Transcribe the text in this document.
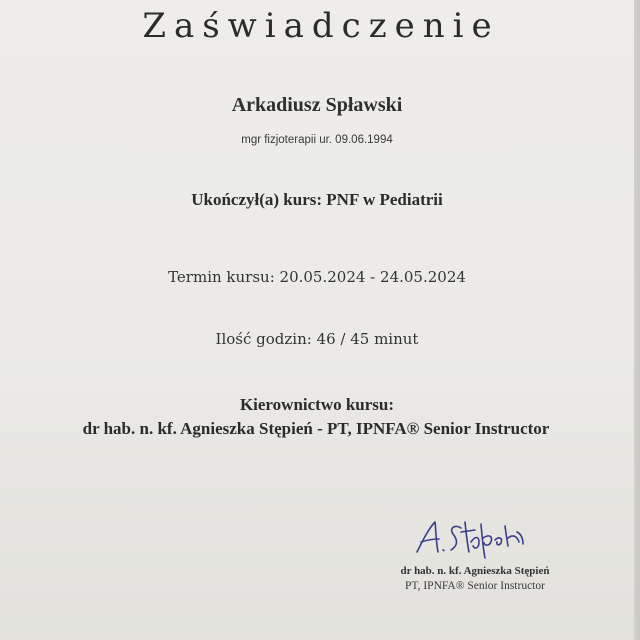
Zaświadczenie
Arkadiusz Spławski
mgr fizjoterapii ur. 09.06.1994
Ukończył(a) kurs: PNF w Pediatrii
Termin kursu: 20.05.2024 - 24.05.2024
Ilość godzin: 46 / 45 minut
Kierownictwo kursu:
dr hab. n. kf. Agnieszka Stępień - PT, IPNFA® Senior Instructor
dr hab. n. kf. Agnieszka Stępień
PT, IPNFA® Senior Instructor
